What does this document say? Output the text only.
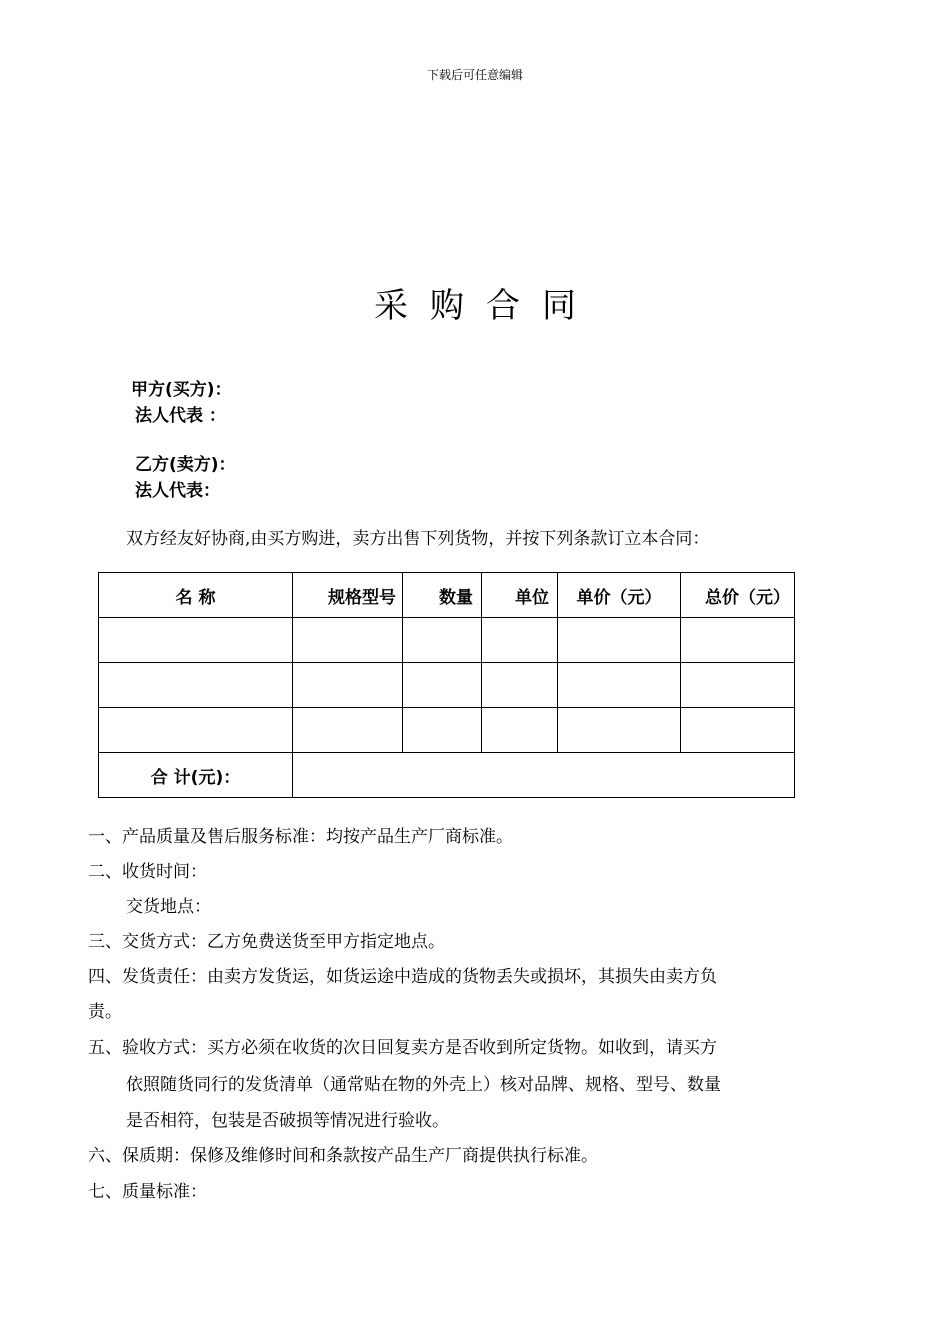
下载后可任意编辑
采购合同
甲方(买方)：
法人代表 ：
乙方(卖方)：
法人代表：
双方经友好协商,由买方购进，卖方出售下列货物，并按下列条款订立本合同：
名 称	规格型号	数量	单位	单价（元）	总价（元）

合 计(元)：					
一、产品质量及售后服务标准：均按产品生产厂商标准。
二、收货时间：
交货地点：
三、交货方式：乙方免费送货至甲方指定地点。
四、发货责任：由卖方发货运，如货运途中造成的货物丢失或损坏，其损失由卖方负
责。
五、验收方式：买方必须在收货的次日回复卖方是否收到所定货物。如收到，请买方
依照随货同行的发货清单（通常贴在物的外壳上）核对品牌、规格、型号、数量
是否相符，包装是否破损等情况进行验收。
六、保质期：保修及维修时间和条款按产品生产厂商提供执行标准。
七、质量标准：
